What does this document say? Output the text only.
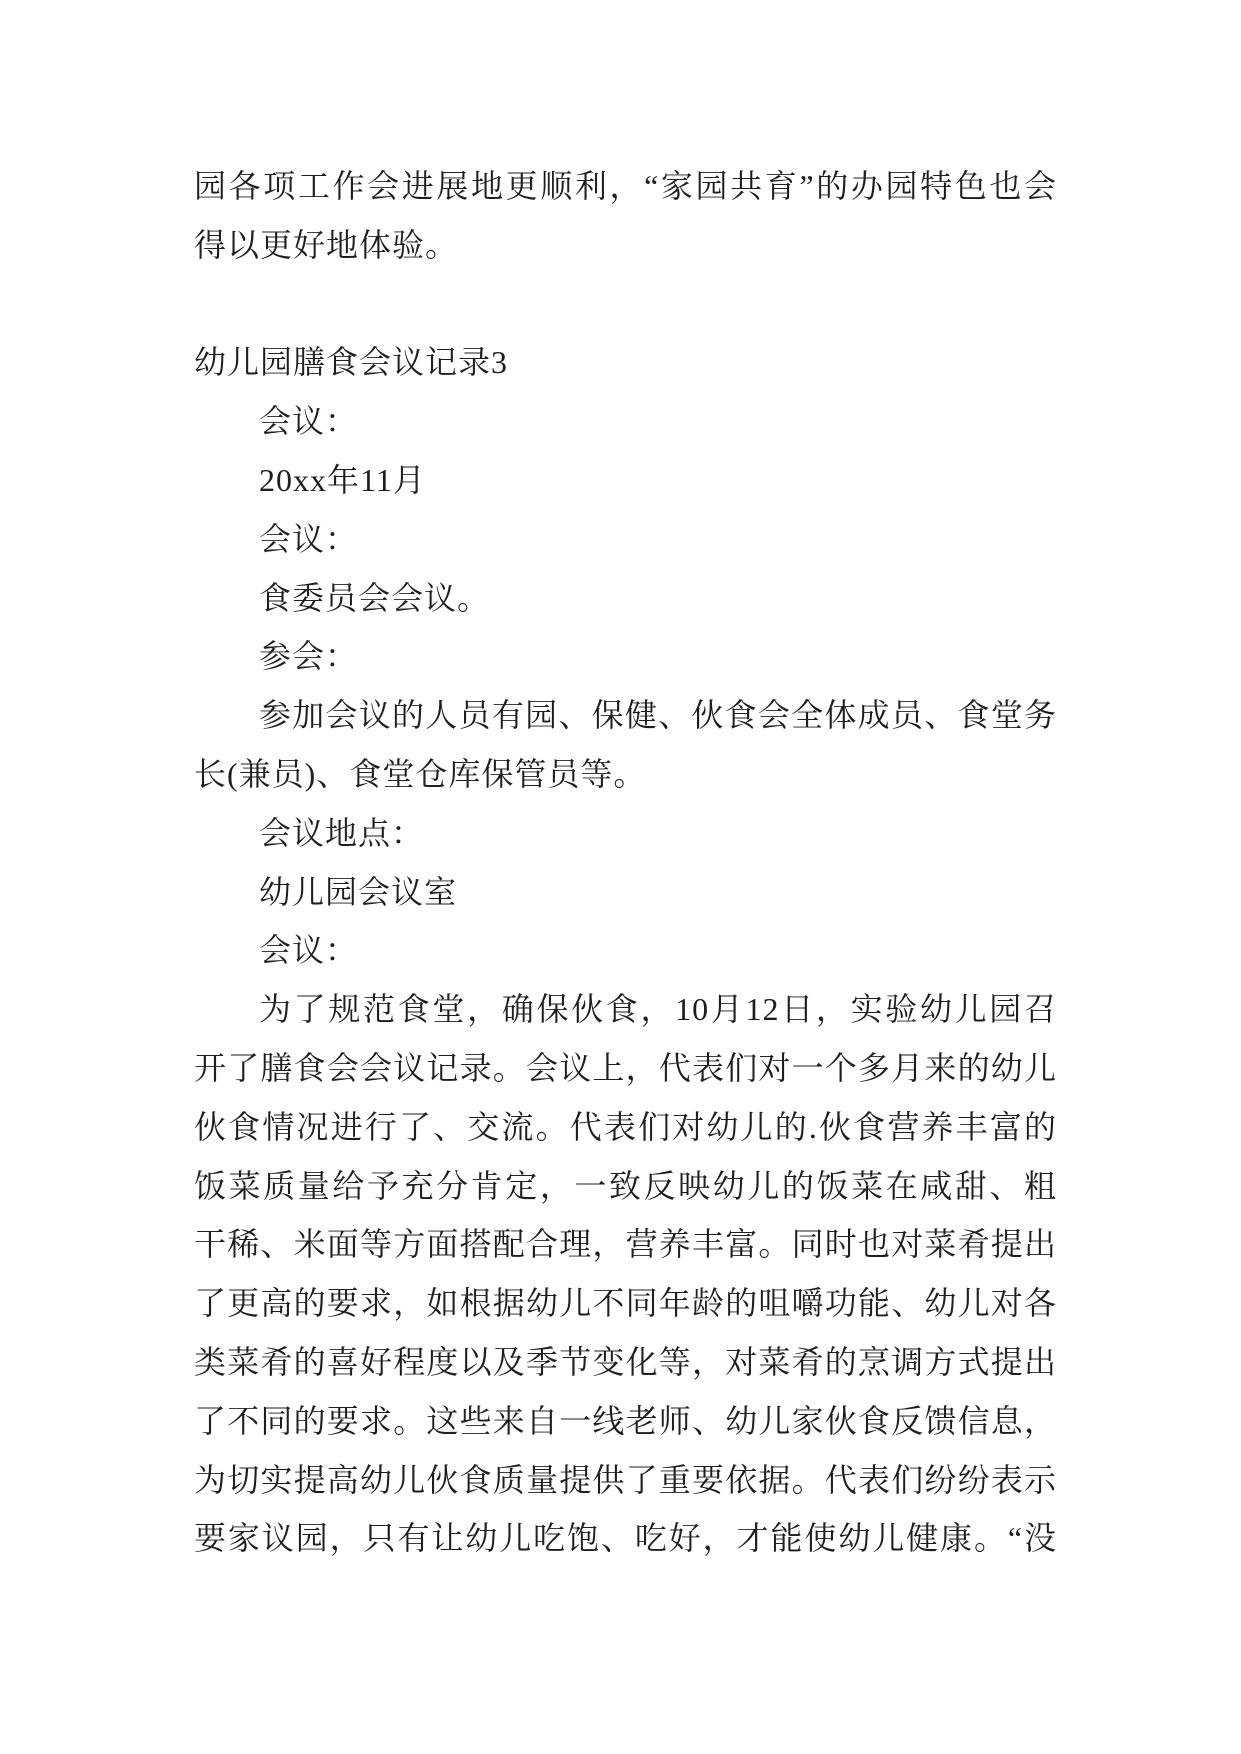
园各项工作会进展地更顺利，“家园共育”的办园特色也会
得以更好地体验。
幼儿园膳食会议记录3
会议：
20xx年11月
会议：
食委员会会议。
参会：
参加会议的人员有园、保健、伙食会全体成员、食堂务
长(兼员)、食堂仓库保管员等。
会议地点：
幼儿园会议室
会议：
为了规范食堂，确保伙食，10月12日，实验幼儿园召
开了膳食会会议记录。会议上，代表们对一个多月来的幼儿
伙食情况进行了、交流。代表们对幼儿的.伙食营养丰富的
饭菜质量给予充分肯定，一致反映幼儿的饭菜在咸甜、粗
干稀、米面等方面搭配合理，营养丰富。同时也对菜肴提出
了更高的要求，如根据幼儿不同年龄的咀嚼功能、幼儿对各
类菜肴的喜好程度以及季节变化等，对菜肴的烹调方式提出
了不同的要求。这些来自一线老师、幼儿家伙食反馈信息，
为切实提高幼儿伙食质量提供了重要依据。代表们纷纷表示
要家议园，只有让幼儿吃饱、吃好，才能使幼儿健康。“没
